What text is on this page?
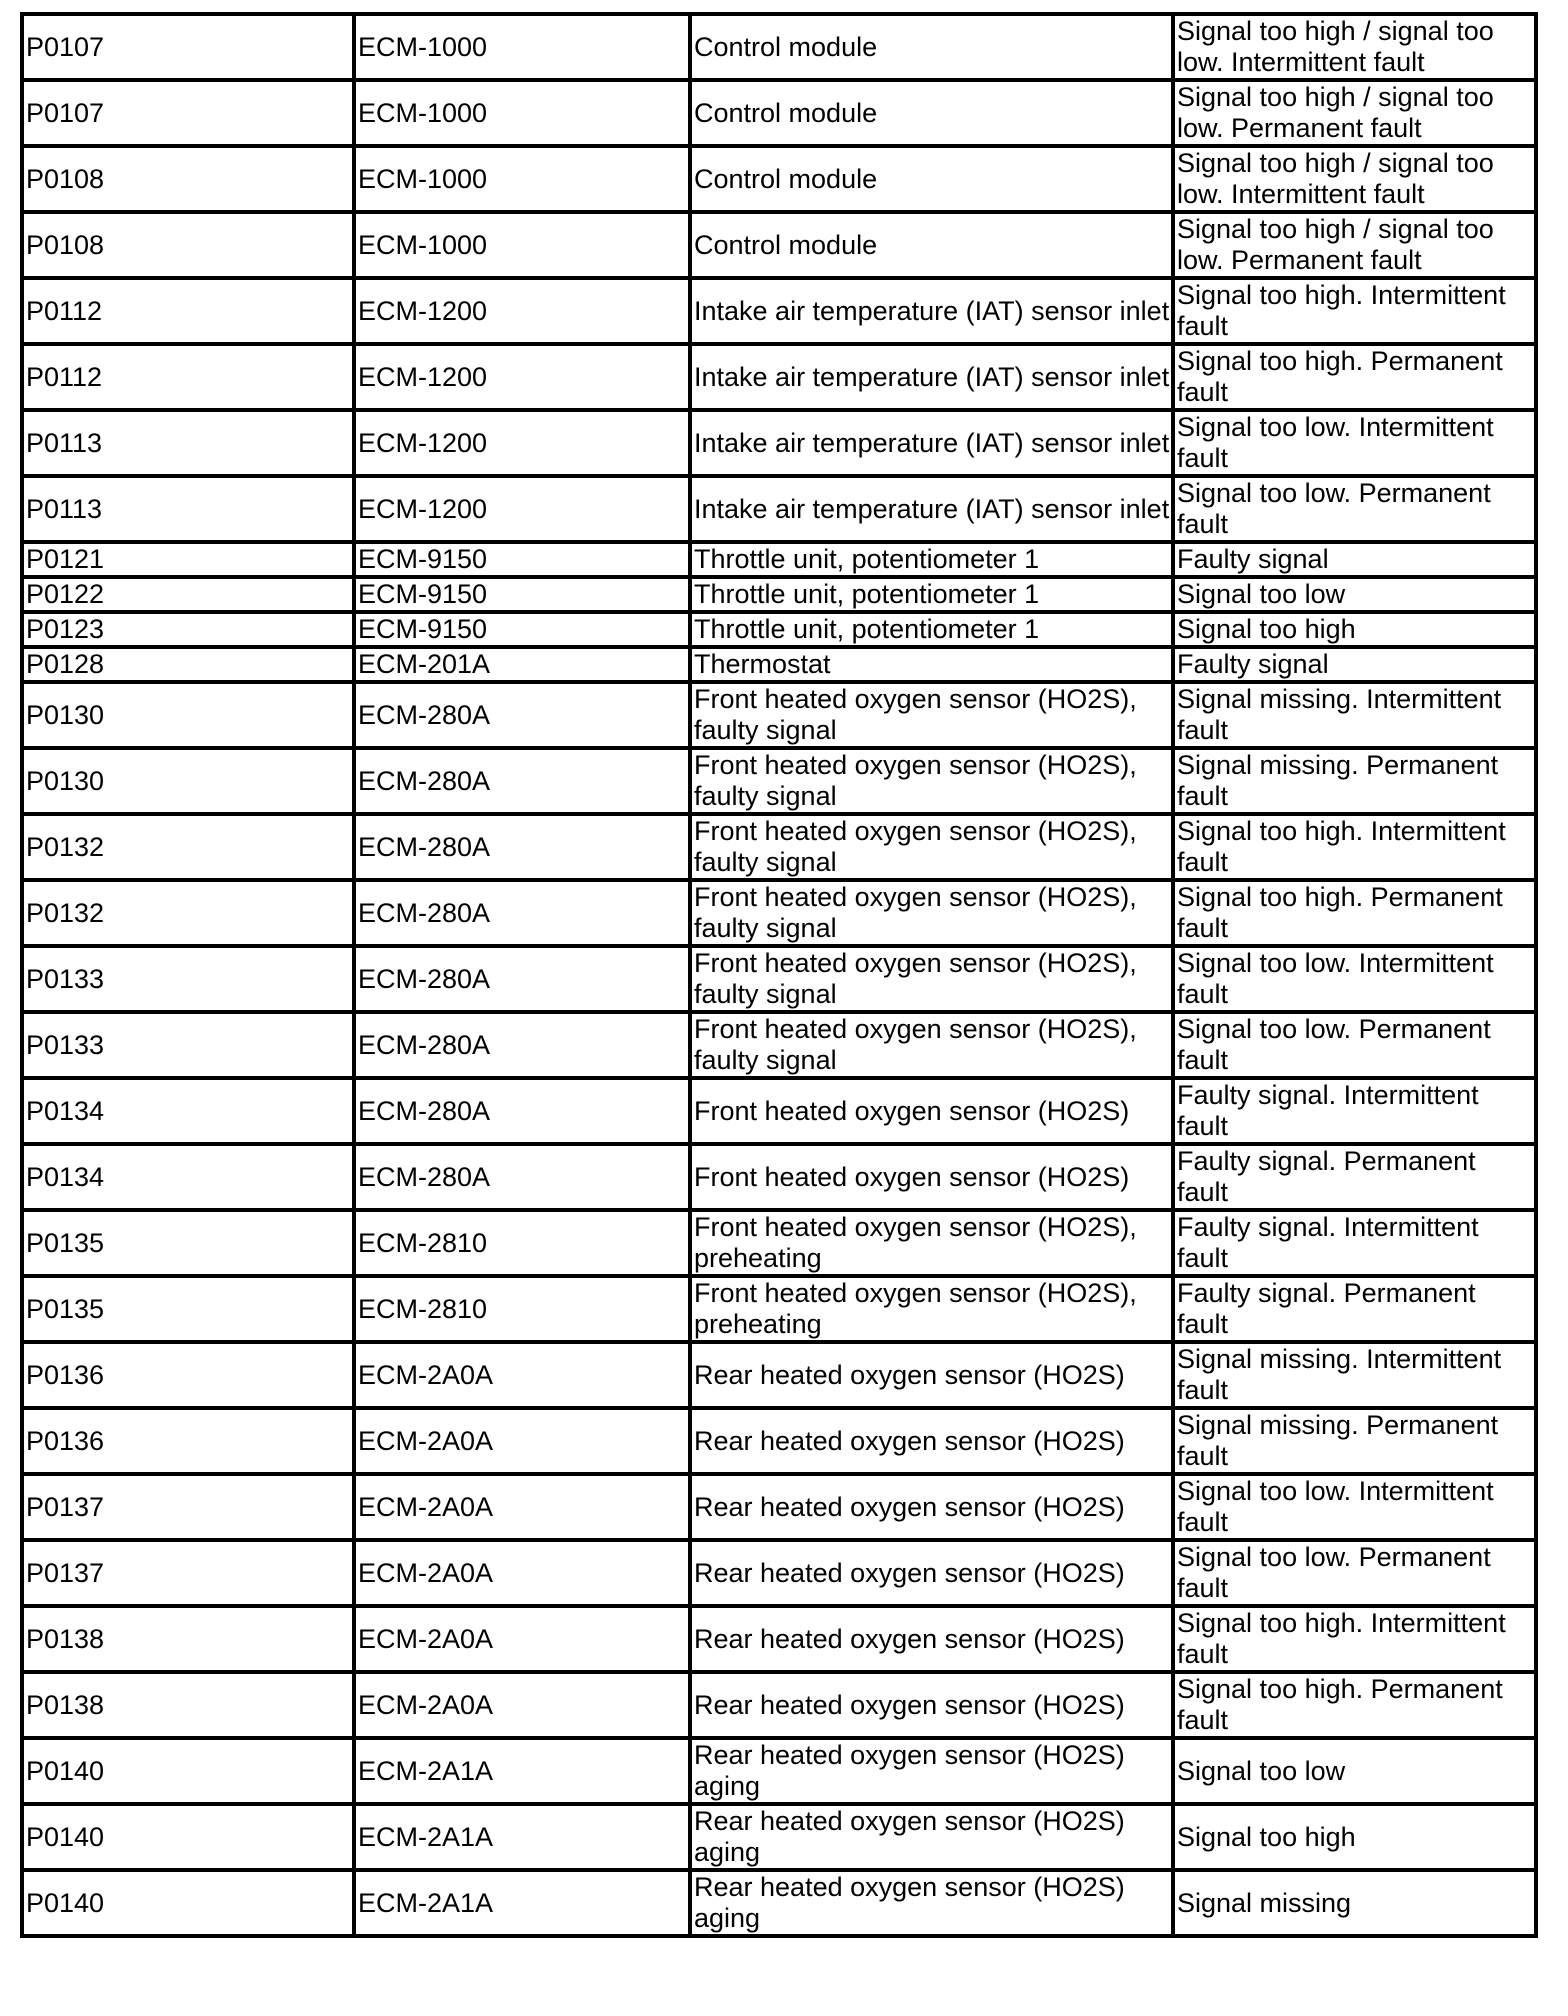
P0107	ECM-1000	Control module	Signal too high / signal too low. Intermittent fault
P0107	ECM-1000	Control module	Signal too high / signal too low. Permanent fault
P0108	ECM-1000	Control module	Signal too high / signal too low. Intermittent fault
P0108	ECM-1000	Control module	Signal too high / signal too low. Permanent fault
P0112	ECM-1200	Intake air temperature (IAT) sensor inlet	Signal too high. Intermittent fault
P0112	ECM-1200	Intake air temperature (IAT) sensor inlet	Signal too high. Permanent fault
P0113	ECM-1200	Intake air temperature (IAT) sensor inlet	Signal too low. Intermittent fault
P0113	ECM-1200	Intake air temperature (IAT) sensor inlet	Signal too low. Permanent fault
P0121	ECM-9150	Throttle unit, potentiometer 1	Faulty signal
P0122	ECM-9150	Throttle unit, potentiometer 1	Signal too low
P0123	ECM-9150	Throttle unit, potentiometer 1	Signal too high
P0128	ECM-201A	Thermostat	Faulty signal
P0130	ECM-280A	Front heated oxygen sensor (HO2S), faulty signal	Signal missing. Intermittent fault
P0130	ECM-280A	Front heated oxygen sensor (HO2S), faulty signal	Signal missing. Permanent fault
P0132	ECM-280A	Front heated oxygen sensor (HO2S), faulty signal	Signal too high. Intermittent fault
P0132	ECM-280A	Front heated oxygen sensor (HO2S), faulty signal	Signal too high. Permanent fault
P0133	ECM-280A	Front heated oxygen sensor (HO2S), faulty signal	Signal too low. Intermittent fault
P0133	ECM-280A	Front heated oxygen sensor (HO2S), faulty signal	Signal too low. Permanent fault
P0134	ECM-280A	Front heated oxygen sensor (HO2S)	Faulty signal. Intermittent fault
P0134	ECM-280A	Front heated oxygen sensor (HO2S)	Faulty signal. Permanent fault
P0135	ECM-2810	Front heated oxygen sensor (HO2S), preheating	Faulty signal. Intermittent fault
P0135	ECM-2810	Front heated oxygen sensor (HO2S), preheating	Faulty signal. Permanent fault
P0136	ECM-2A0A	Rear heated oxygen sensor (HO2S)	Signal missing. Intermittent fault
P0136	ECM-2A0A	Rear heated oxygen sensor (HO2S)	Signal missing. Permanent fault
P0137	ECM-2A0A	Rear heated oxygen sensor (HO2S)	Signal too low. Intermittent fault
P0137	ECM-2A0A	Rear heated oxygen sensor (HO2S)	Signal too low. Permanent fault
P0138	ECM-2A0A	Rear heated oxygen sensor (HO2S)	Signal too high. Intermittent fault
P0138	ECM-2A0A	Rear heated oxygen sensor (HO2S)	Signal too high. Permanent fault
P0140	ECM-2A1A	Rear heated oxygen sensor (HO2S) aging	Signal too low
P0140	ECM-2A1A	Rear heated oxygen sensor (HO2S) aging	Signal too high
P0140	ECM-2A1A	Rear heated oxygen sensor (HO2S) aging	Signal missing
